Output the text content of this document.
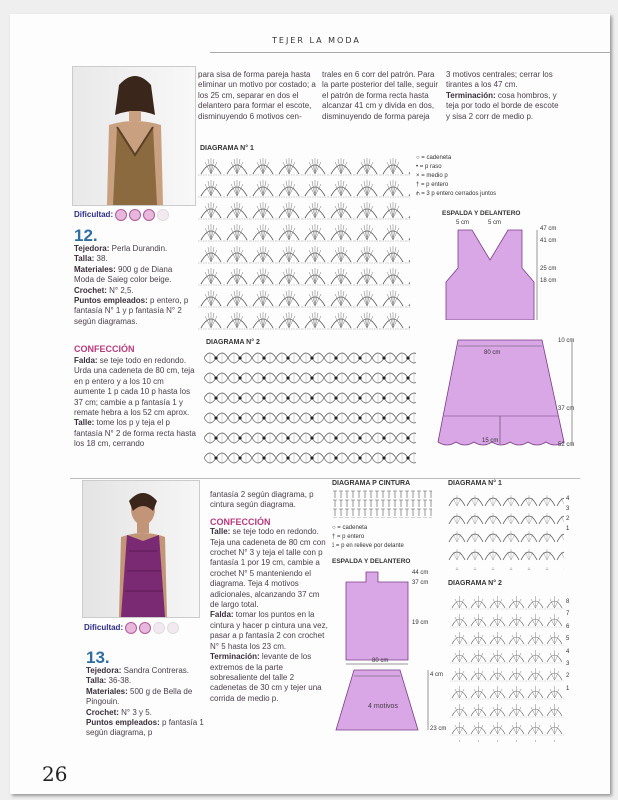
TEJER LA MODA
Dificultad:
12.
Tejedora: Perla Durandin.
Talla: 38.
Materiales: 900 g de Diana Moda de Saieg color beige.
Crochet: N° 2,5.
Puntos empleados: p entero, p fantasía N° 1 y p fantasía N° 2 según diagramas.
CONFECCIÓN
Falda: se teje todo en redondo. Urda una cadeneta de 80 cm, teja en p entero y a los 10 cm aumente 1 p cada 10 p hasta los 37 cm; cambie a p fantasía 1 y remate hebra a los 52 cm aprox.
Talle: tome los p y teja el p fantasía N° 2 de forma recta hasta los 18 cm, cerrando
para sisa de forma pareja hasta eliminar un motivo por costado; a los 25 cm, separar en dos el delantero para formar el escote, disminuyendo 6 motivos cen-
trales en 6 corr del patrón. Para la parte posterior del talle, seguir el patrón de forma recta hasta alcanzar 41 cm y divida en dos, disminuyendo de forma pareja
3 motivos centrales; cerrar los tirantes a los 47 cm.
Terminación: cosa hombros, y teja por todo el borde de escote y sisa 2 corr de medio p.
DIAGRAMA N° 1
○ = cadeneta
• = p raso
× = medio p
† = p entero
⫛ = 3 p entero cerrados juntos
ESPALDA Y DELANTERO
5 cm	5 cm
47 cm
41 cm
25 cm
18 cm
DIAGRAMA N° 2
80 cm
10 cm
37 cm
52 cm
15 cm
Dificultad:
13.
Tejedora: Sandra Contreras.
Talla: 36-38.
Materiales: 500 g de Bella de Pingouin.
Crochet: N° 3 y 5.
Puntos empleados: p fantasía 1 según diagrama, p
fantasía 2 según diagrama, p cintura según diagrama.
CONFECCIÓN
Talle: se teje todo en redondo. Teja una cadeneta de 80 cm con crochet N° 3 y teja el talle con p fantasía 1 por 19 cm, cambie a crochet N° 5 manteniendo el diagrama. Teja 4 motivos adicionales, alcanzando 37 cm de largo total.
Falda: tomar los puntos en la cintura y hacer p cintura una vez, pasar a p fantasía 2 con crochet N° 5 hasta los 23 cm.
Terminación: levante de los extremos de la parte sobresaliente del talle 2 cadenetas de 30 cm y tejer una corrida de medio p.
DIAGRAMA P CINTURA
○ = cadeneta
† = p entero
⟟ = p en relieve por delante
ESPALDA Y DELANTERO
44 cm
37 cm
19 cm
80 cm
4 cm
4 motivos
23 cm
DIAGRAMA N° 1
4
3
2
1
DIAGRAMA N° 2
8
7
6
5
4
3
2
1
26
